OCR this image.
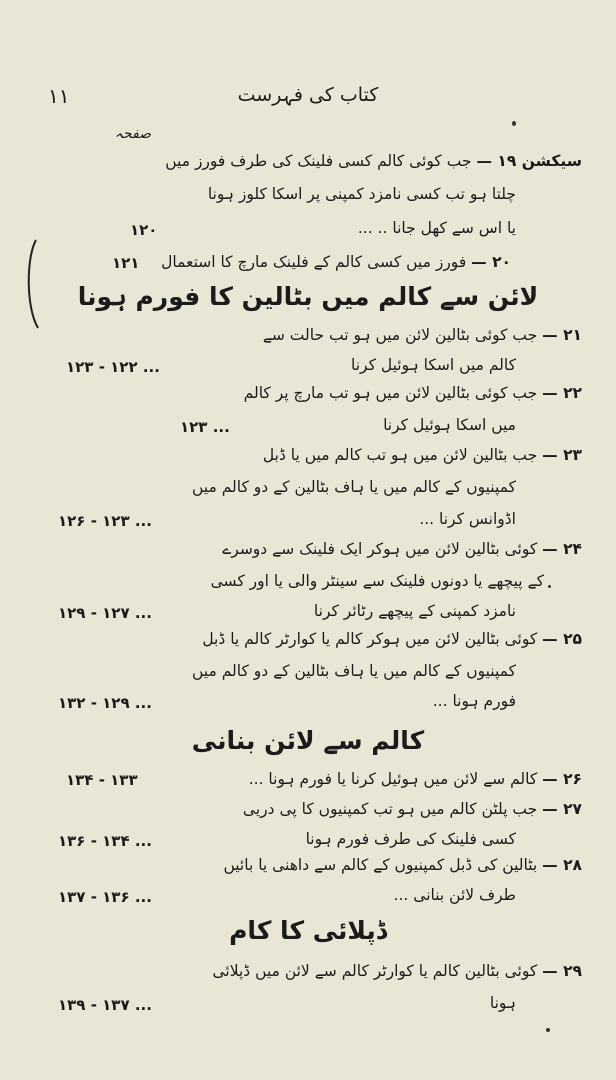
۱۱	کتاب کی فہرست
صفحہ
سیکشن ۱۹ — جب کوئی کالم کسی فلینک کی طرف فورز میں
چلتا ہو تب کسی نامزد کمپنی پر اسکا کلوز ہونا
یا اس سے کھل جانا .. ...
۱۲۰
۲۰ — فورز میں کسی کالم کے فلینک مارچ کا استعمال
۱۲۱
لائن سے کالم میں بٹالین کا فورم ہونا
۲۱ — جب کوئی بٹالین لائن میں ہو تب حالت سے
کالم میں اسکا ہوئیل کرنا
۱۲۳ - ۱۲۲ ...
۲۲ — جب کوئی بٹالین لائن میں ہو تب مارچ پر کالم
میں اسکا ہوئیل کرنا
۱۲۳ ...
۲۳ — جب بٹالین لائن میں ہو تب کالم میں یا ڈبل
کمپنیوں کے کالم میں یا ہاف بٹالین کے دو کالم میں
اڈوانس کرنا ...
۱۲۶ - ۱۲۳ ...
۲۴ — کوئی بٹالین لائن میں ہوکر ایک فلینک سے دوسرے
کے پیچھے یا دونوں فلینک سے سینٹر والی یا اور کسی
نامزد کمپنی کے پیچھے رٹائر کرنا
۱۲۹ - ۱۲۷ ...
۲۵ — کوئی بٹالین لائن میں ہوکر کالم یا کوارٹر کالم یا ڈبل
کمپنیوں کے کالم میں یا ہاف بٹالین کے دو کالم میں
فورم ہونا ...
۱۳۲ - ۱۲۹ ...
کالم سے لائن بنانی
۲۶ — کالم سے لائن میں ہوئیل کرنا یا فورم ہونا ...
۱۳۴ - ۱۳۳
۲۷ — جب پلٹن کالم میں ہو تب کمپنیوں کا پی دریی
کسی فلینک کی طرف فورم ہونا
۱۳۶ - ۱۳۴ ...
۲۸ — بٹالین کی ڈبل کمپنیوں کے کالم سے داھنی یا بائیں
طرف لائن بنانی ...
۱۳۷ - ۱۳۶ ...
ڈپلائی کا کام
۲۹ — کوئی بٹالین کالم یا کوارٹر کالم سے لائن میں ڈپلائی
ہونا
۱۳۹ - ۱۳۷ ...
